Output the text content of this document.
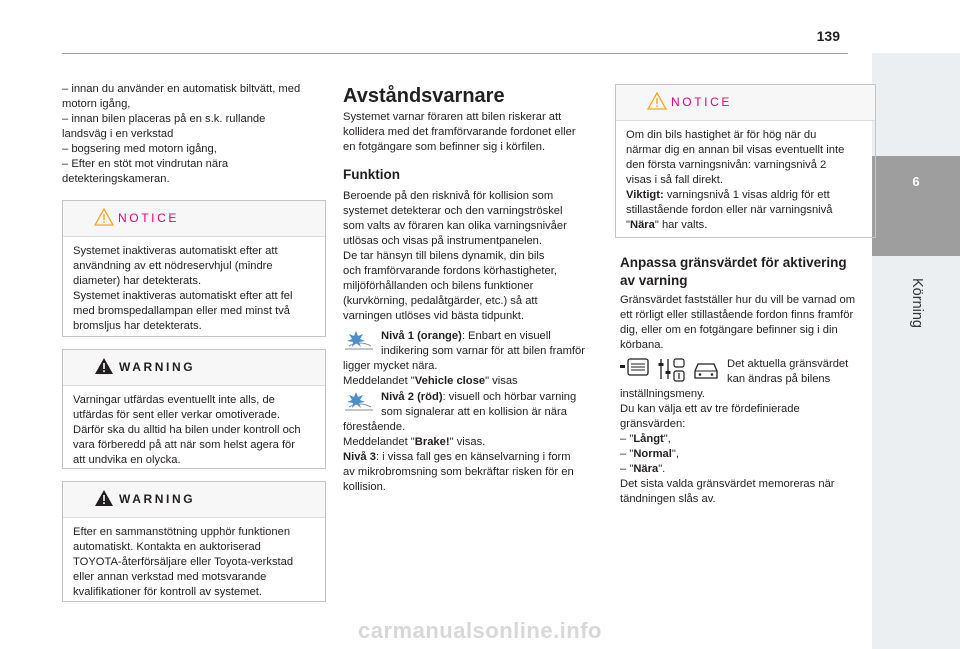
139
6
Körning

– innan du använder en automatisk biltvätt, med

motorn igång,

– innan bilen placeras på en s.k. rullande

landsväg i en verkstad

– bogsering med motorn igång,

– Efter en stöt mot vindrutan nära

detekteringskameran.

NOTICE

Systemet inaktiveras automatiskt efter att

användning av ett nödreservhjul (mindre

diameter) har detekterats.

Systemet inaktiveras automatiskt efter att fel

med bromspedallampan eller med minst två

bromsljus har detekterats.

WARNING

Varningar utfärdas eventuellt inte alls, de

utfärdas för sent eller verkar omotiverade.

Därför ska du alltid ha bilen under kontroll och

vara förberedd på att när som helst agera för

att undvika en olycka.

WARNING

Efter en sammanstötning upphör funktionen

automatiskt. Kontakta en auktoriserad

TOYOTA-återförsäljare eller Toyota-verkstad

eller annan verkstad med motsvarande

kvalifikationer för kontroll av systemet.

Avståndsvarnare

Systemet varnar föraren att bilen riskerar att

kollidera med det framförvarande fordonet eller

en fotgängare som befinner sig i körfilen.

Funktion

Beroende på den risknivå för kollision som

systemet detekterar och den varningströskel

som valts av föraren kan olika varningsnivåer

utlösas och visas på instrumentpanelen.

De tar hänsyn till bilens dynamik, din bils

och framförvarande fordons körhastigheter,

miljöförhållanden och bilens funktioner

(kurvkörning, pedalåtgärder, etc.) så att

varningen utlöses vid bästa tidpunkt.

Nivå 1 (orange): Enbart en visuell

indikering som varnar för att bilen framför

ligger mycket nära.

Meddelandet "Vehicle close" visas

Nivå 2 (röd): visuell och hörbar varning

som signalerar att en kollision är nära

förestående.

Meddelandet "Brake!" visas.

Nivå 3: i vissa fall ges en känselvarning i form

av mikrobromsning som bekräftar risken för en

kollision.

NOTICE

Om din bils hastighet är för hög när du

närmar dig en annan bil visas eventuellt inte

den första varningsnivån: varningsnivå 2

visas i så fall direkt.

Viktigt: varningsnivå 1 visas aldrig för ett

stillastående fordon eller när varningsnivå

"Nära" har valts.

Anpassa gränsvärdet för aktivering
av varning

Gränsvärdet fastställer hur du vill be varnad om

ett rörligt eller stillastående fordon finns framför

dig, eller om en fotgängare befinner sig i din

körbana.

Det aktuella gränsvärdet

kan ändras på bilens

inställningsmeny.

Du kan välja ett av tre fördefinierade

gränsvärden:

– "Långt",

– "Normal",

– "Nära".

Det sista valda gränsvärdet memoreras när

tändningen slås av.

carmanualsonline.info
